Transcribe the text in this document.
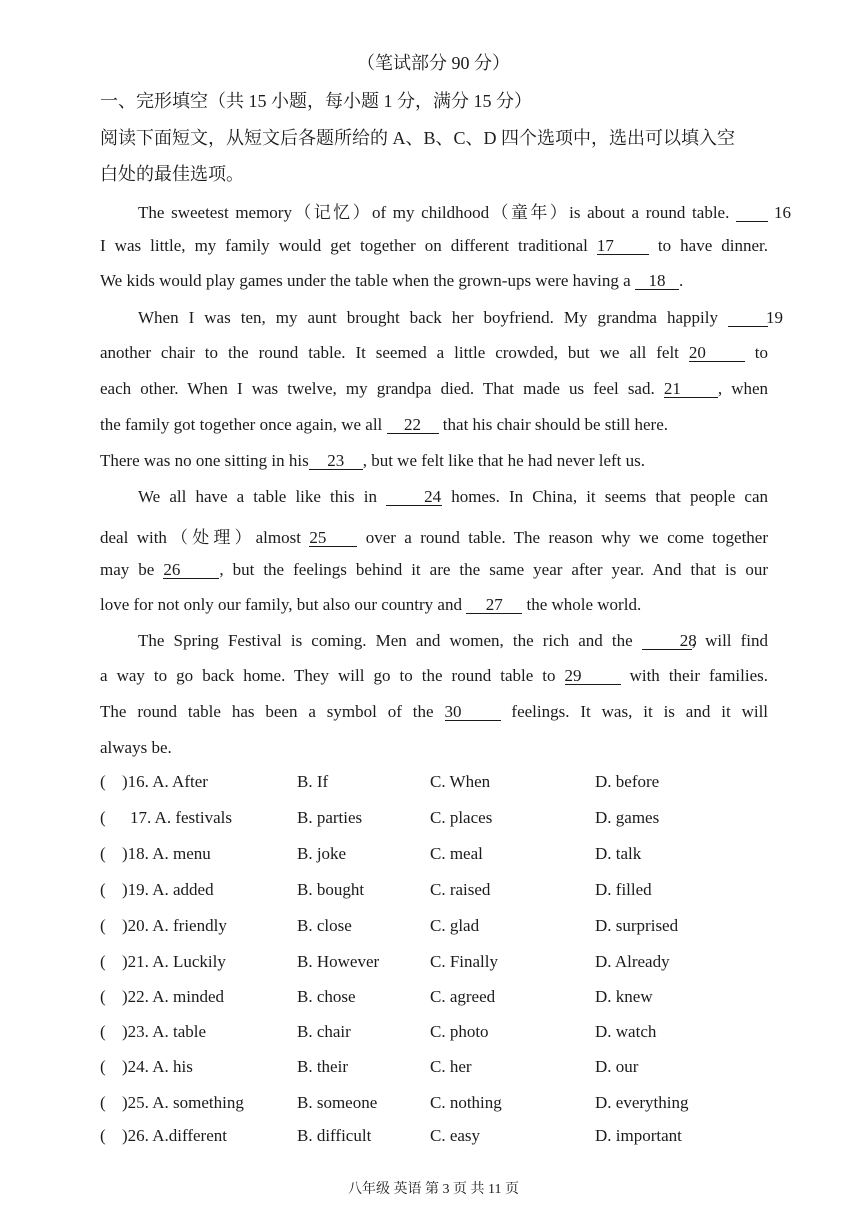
（笔试部分 90 分）
一、完形填空（共 15 小题，每小题 1 分，满分 15 分）
阅读下面短文，从短文后各题所给的 A、B、C、D 四个选项中，选出可以填入空
白处的最佳选项。
The sweetest memory（记忆）of my childhood（童年）is about a round table.	16
I was little, my family would get together on different traditional 17	to have dinner.
We kids would play games under the table when the grown-ups were having a 18 .
When I was ten, my aunt brought back her boyfriend. My grandma happily	19
another chair to the round table. It seemed a little crowded, but we all felt 20	to
each other. When I was twelve, my grandpa died. That made us feel sad. 21 , when
the family got together once again, we all 22 that his chair should be still here.
There was no one sitting in his 23 , but we felt like that he had never left us.
We all have a table like this in	24 homes. In China, it seems that people can
deal with（处理）almost 25 over a round table. The reason why we come together
may be 26 , but the feelings behind it are the same year after year. And that is our
love for not only our family, but also our country and 27 the whole world.
The Spring Festival is coming. Men and women, the rich and the	28, will find
a way to go back home. They will go to the round table to 29	with their families.
The round table has been a symbol of the 30	feelings. It was, it is and it will
always be.
( )16. A. After	B. If	C. When	D. before
( 17. A. festivals	B. parties	C. places	D. games
( )18. A. menu	B. joke	C. meal	D. talk
( )19. A. added	B. bought	C. raised	D. filled
( )20. A. friendly	B. close	C. glad	D. surprised
( )21. A. Luckily	B. However	C. Finally	D. Already
( )22. A. minded	B. chose	C. agreed	D. knew
( )23. A. table	B. chair	C. photo	D. watch
( )24. A. his	B. their	C. her	D. our
( )25. A. something	B. someone	C. nothing	D. everything
( )26. A.different	B. difficult	C. easy	D. important
八年级 英语 第 3 页 共 11 页
